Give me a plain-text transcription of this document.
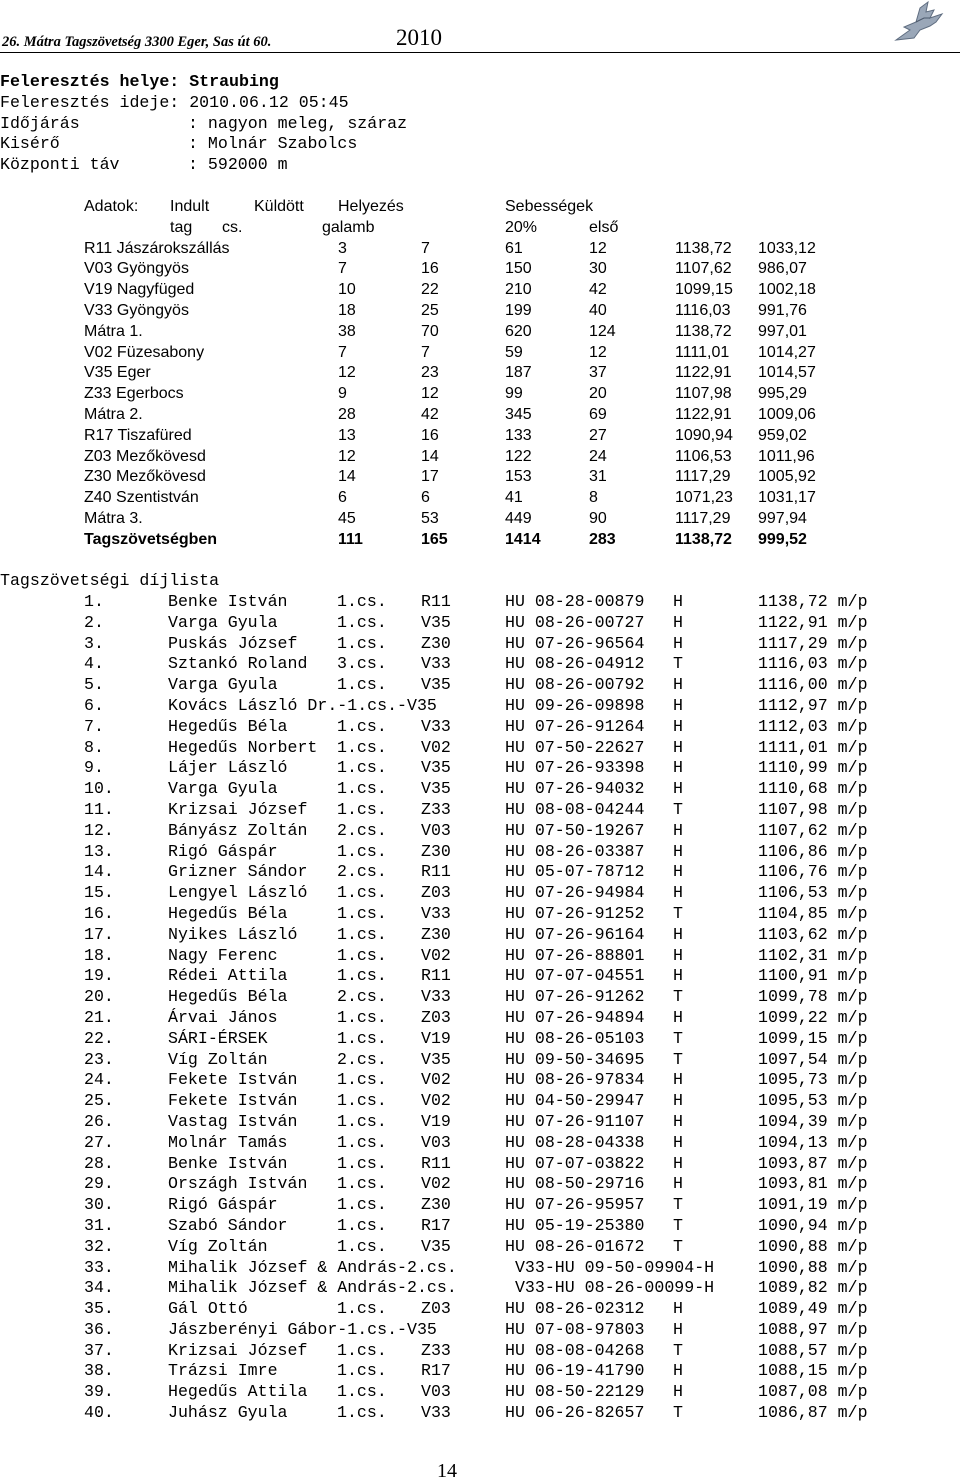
26. Mátra Tagszövetség 3300 Eger, Sas út 60.	2010
Feleresztés helye: Straubing
Feleresztés ideje: 2010.06.12 05:45
Időjárás	: nagyon meleg, száraz
Kisérő	: Molnár Szabolcs
Központi táv	: 592000 m
Adatok: Indult	Küldött Helyezés	Sebességek
tag cs.	galamb	20%	első
R11 Jászárokszállás	3	7	61	12	1138,72 1033,12
V03 Gyöngyös	7	16	150	30	1107,62 986,07
V19 Nagyfüged	10	22	210	42	1099,15 1002,18
V33 Gyöngyös	18	25	199	40	1116,03 991,76
Mátra 1.	38	70	620	124	1138,72 997,01
V02 Füzesabony	7	7	59	12	1111,01 1014,27
V35 Eger	12	23	187	37	1122,91 1014,57
Z33 Egerbocs	9	12	99	20	1107,98 995,29
Mátra 2.	28	42	345	69	1122,91 1009,06
R17 Tiszafüred	13	16	133	27	1090,94 959,02
Z03 Mezőkövesd	12	14	122	24	1106,53 1011,96
Z30 Mezőkövesd	14	17	153	31	1117,29 1005,92
Z40 Szentistván	6	6	41	8	1071,23 1031,17
Mátra 3.	45	53	449	90	1117,29 997,94
Tagszövetségben	111	165	1414	283	1138,72 999,52
Tagszövetségi díjlista
1.	Benke István	1.cs. R11	HU 08-28-00879 H	1138,72 m/p
2.	Varga Gyula	1.cs. V35	HU 08-26-00727 H	1122,91 m/p
3.	Puskás József 1.cs. Z30	HU 07-26-96564 H	1117,29 m/p
4.	Sztankó Roland 3.cs. V33	HU 08-26-04912 T	1116,03 m/p
5.	Varga Gyula	1.cs. V35	HU 08-26-00792 H	1116,00 m/p
6.	Kovács László Dr.-1.cs.-V35	HU 09-26-09898 H	1112,97 m/p
7.	Hegedűs Béla	1.cs. V33	HU 07-26-91264 H	1112,03 m/p
8.	Hegedűs Norbert 1.cs. V02	HU 07-50-22627 H	1111,01 m/p
9.	Lájer László	1.cs. V35	HU 07-26-93398 H	1110,99 m/p
10.	Varga Gyula	1.cs. V35	HU 07-26-94032 H	1110,68 m/p
11.	Krizsai József 1.cs. Z33	HU 08-08-04244 T	1107,98 m/p
12.	Bányász Zoltán 2.cs. V03	HU 07-50-19267 H	1107,62 m/p
13.	Rigó Gáspár	1.cs. Z30	HU 08-26-03387 H	1106,86 m/p
14.	Grizner Sándor 2.cs. R11	HU 05-07-78712 H	1106,76 m/p
15.	Lengyel László 1.cs. Z03	HU 07-26-94984 H	1106,53 m/p
16.	Hegedűs Béla	1.cs. V33	HU 07-26-91252 T	1104,85 m/p
17.	Nyikes László 1.cs. Z30	HU 07-26-96164 H	1103,62 m/p
18.	Nagy Ferenc	1.cs. V02	HU 07-26-88801 H	1102,31 m/p
19.	Rédei Attila	1.cs. R11	HU 07-07-04551 H	1100,91 m/p
20.	Hegedűs Béla	2.cs. V33	HU 07-26-91262 T	1099,78 m/p
21.	Árvai János	1.cs. Z03	HU 07-26-94894 H	1099,22 m/p
22.	SÁRI-ÉRSEK	1.cs. V19	HU 08-26-05103 T	1099,15 m/p
23.	Víg Zoltán	2.cs. V35	HU 09-50-34695 T	1097,54 m/p
24.	Fekete István 1.cs. V02	HU 08-26-97834 H	1095,73 m/p
25.	Fekete István 1.cs. V02	HU 04-50-29947 H	1095,53 m/p
26.	Vastag István 1.cs. V19	HU 07-26-91107 H	1094,39 m/p
27.	Molnár Tamás	1.cs. V03	HU 08-28-04338 H	1094,13 m/p
28.	Benke István	1.cs. R11	HU 07-07-03822 H	1093,87 m/p
29.	Országh István 1.cs. V02	HU 08-50-29716 H	1093,81 m/p
30.	Rigó Gáspár	1.cs. Z30	HU 07-26-95957 T	1091,19 m/p
31.	Szabó Sándor	1.cs. R17	HU 05-19-25380 T	1090,94 m/p
32.	Víg Zoltán	1.cs. V35	HU 08-26-01672 T	1090,88 m/p
33.	Mihalik József & András-2.cs.	V33-HU 09-50-09904-H	1090,88 m/p
34.	Mihalik József & András-2.cs.	V33-HU 08-26-00099-H	1089,82 m/p
35.	Gál Ottó	1.cs. Z03	HU 08-26-02312 H	1089,49 m/p
36.	Jászberényi Gábor-1.cs.-V35	HU 07-08-97803 H	1088,97 m/p
37.	Krizsai József 1.cs. Z33	HU 08-08-04268 T	1088,57 m/p
38.	Trázsi Imre	1.cs. R17	HU 06-19-41790 H	1088,15 m/p
39.	Hegedűs Attila 1.cs. V03	HU 08-50-22129 H	1087,08 m/p
40.	Juhász Gyula	1.cs. V33	HU 06-26-82657 T	1086,87 m/p
14
